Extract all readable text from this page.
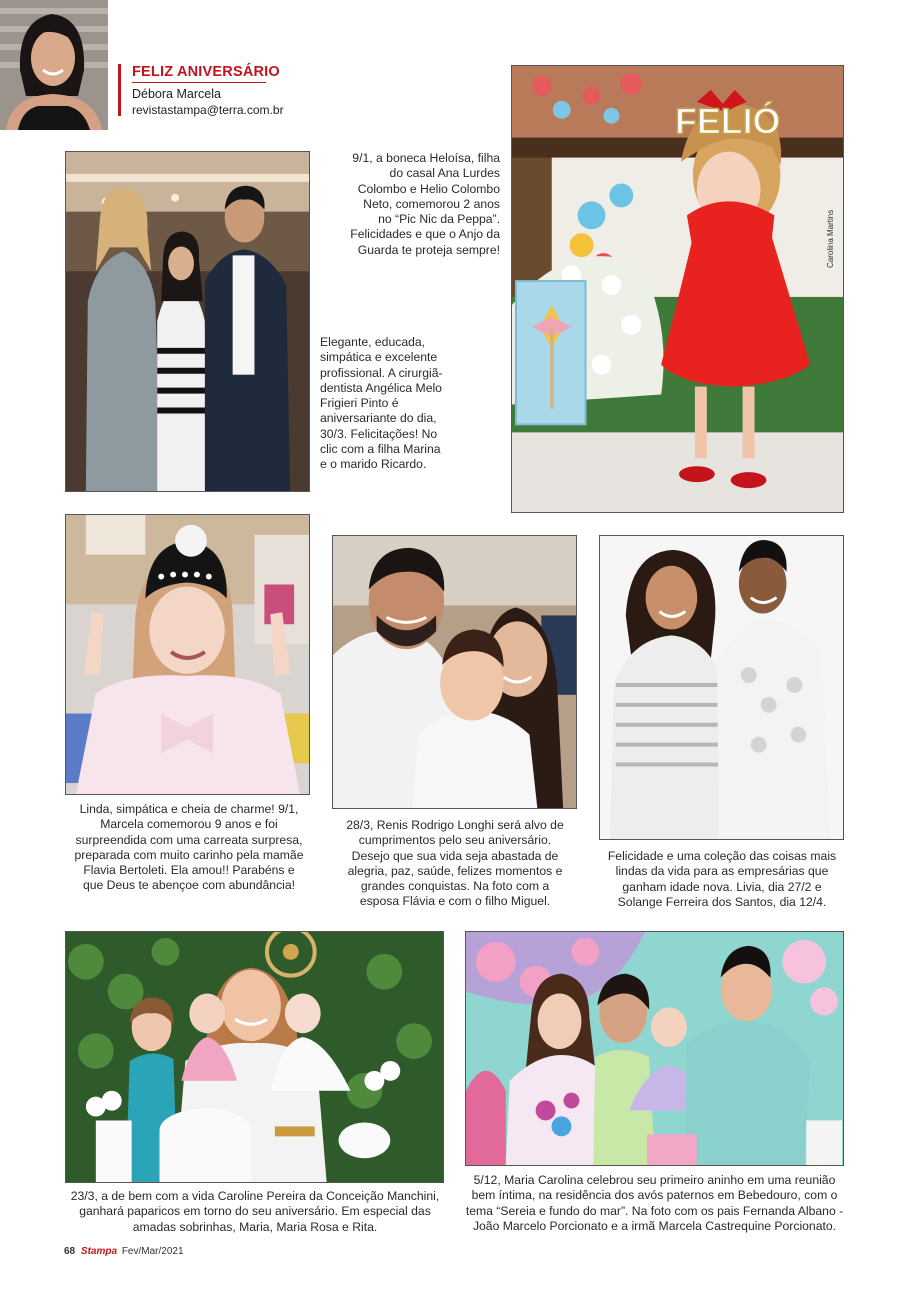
FELIZ ANIVERSÁRIO
Débora Marcela
revistastampa@terra.com.br
9/1, a boneca Heloísa, filha do casal Ana Lurdes Colombo e Helio Colombo Neto, comemorou 2 anos no “Pic Nic da Peppa”. Felicidades e que o Anjo da Guarda te proteja sempre!
Elegante, educada, simpática e excelente profissional. A cirurgiã-dentista Angélica Melo Frigieri Pinto é aniversariante do dia, 30/3. Felicitações! No clic com a filha Marina e o marido Ricardo.
FELIÓ
Carolina Martins
Linda, simpática e cheia de charme! 9/1, Marcela comemorou 9 anos e foi surpreendida com uma carreata surpresa, preparada com muito carinho pela mamãe Flavia Bertoleti. Ela amou!! Parabéns e que Deus te abençoe com abundância!
28/3, Renis Rodrigo Longhi será alvo de cumprimentos pelo seu aniversário. Desejo que sua vida seja abastada de alegria, paz, saúde, felizes momentos e grandes conquistas. Na foto com a esposa Flávia e com o filho Miguel.
Felicidade e uma coleção das coisas mais lindas da vida para as empresárias que ganham idade nova. Livia, dia 27/2 e Solange Ferreira dos Santos, dia 12/4.
23/3, a de bem com a vida Caroline Pereira da Conceição Manchini, ganhará paparicos em torno do seu aniversário. Em especial das amadas sobrinhas, Maria, Maria Rosa e Rita.
5/12, Maria Carolina celebrou seu primeiro aninho em uma reunião bem íntima, na residência dos avós paternos em Bebedouro, com o tema “Sereia e fundo do mar”. Na foto com os pais Fernanda Albano - João Marcelo Porcionato e a irmã Marcela Castrequine Porcionato.
68 Stampa Fev/Mar/2021
